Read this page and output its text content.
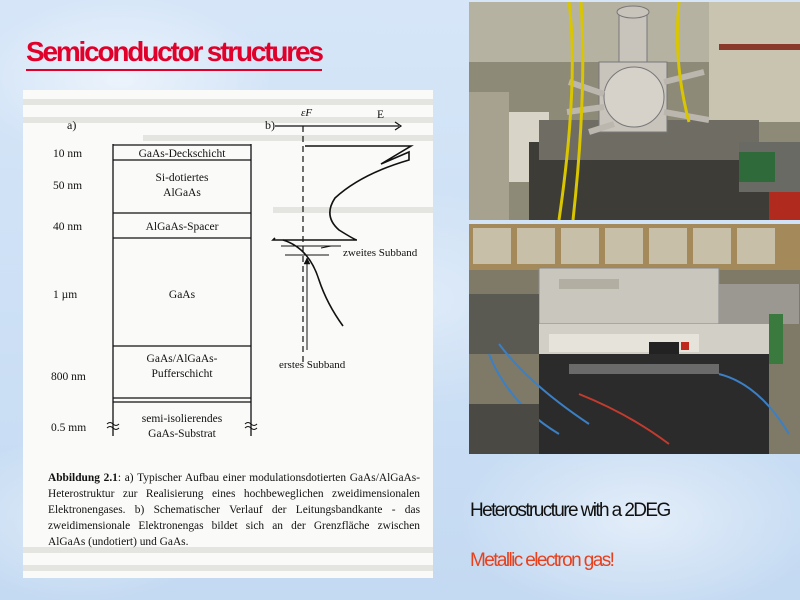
Semiconductor structures
a)	b)
10 nm
50 nm
40 nm
1 µm
800 nm
0.5 mm
GaAs-Deckschicht
Si-dotiertes
AlGaAs
AlGaAs-Spacer
GaAs
GaAs/AlGaAs-
Pufferschicht
semi-isolierendes
GaAs-Substrat
εF	E
zweites Subband
erstes Subband
Abbildung 2.1: a) Typischer Aufbau einer modulationsdotierten GaAs/AlGaAs-Heterostruktur zur Realisierung eines hochbeweglichen zweidimensionalen Elektronengases. b) Schematischer Verlauf der Leitungsbandkante - das zweidimensionale Elektronengas bildet sich an der Grenzfläche zwischen AlGaAs (undotiert) und GaAs.
Heterostructure with a 2DEG
Metallic electron gas!
